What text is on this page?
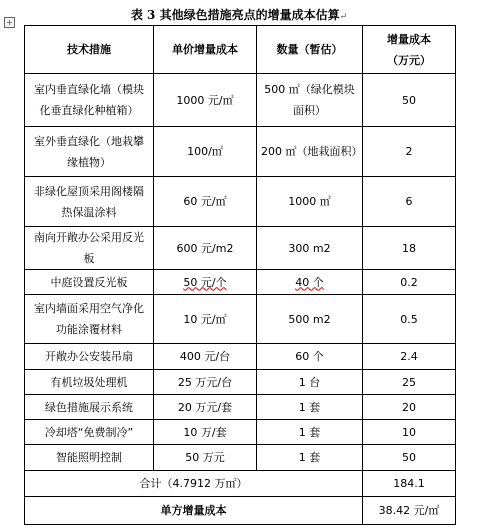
表 3 其他绿色措施亮点的增量成本估算↵
+
技术措施	单价增量成本	数量（暂估）	增量成本（万元）
室内垂直绿化墙（模块化垂直绿化种植箱）	1000 元/㎡	500 ㎡（绿化模块面积）	50
室外垂直绿化（地栽攀缘植物）	100/㎡	200 ㎡（地栽面积）	2
非绿化屋顶采用阁楼隔热保温涂料	60 元/㎡	1000 ㎡	6
南向开敞办公采用反光板	600 元/m2	300 m2	18
中庭设置反光板	50 元/个	40 个	0.2
室内墙面采用空气净化功能涂覆材料	10 元/㎡	500 m2	0.5
开敞办公安装吊扇	400 元/台	60 个	2.4
有机垃圾处理机	25 万元/台	1 台	25
绿色措施展示系统	20 万元/套	1 套	20
冷却塔“免费制冷”	10 万/套	1 套	10
智能照明控制	50 万元	1 套	50
合计（4.7912 万㎡）			184.1
单方增量成本			38.42 元/㎡
